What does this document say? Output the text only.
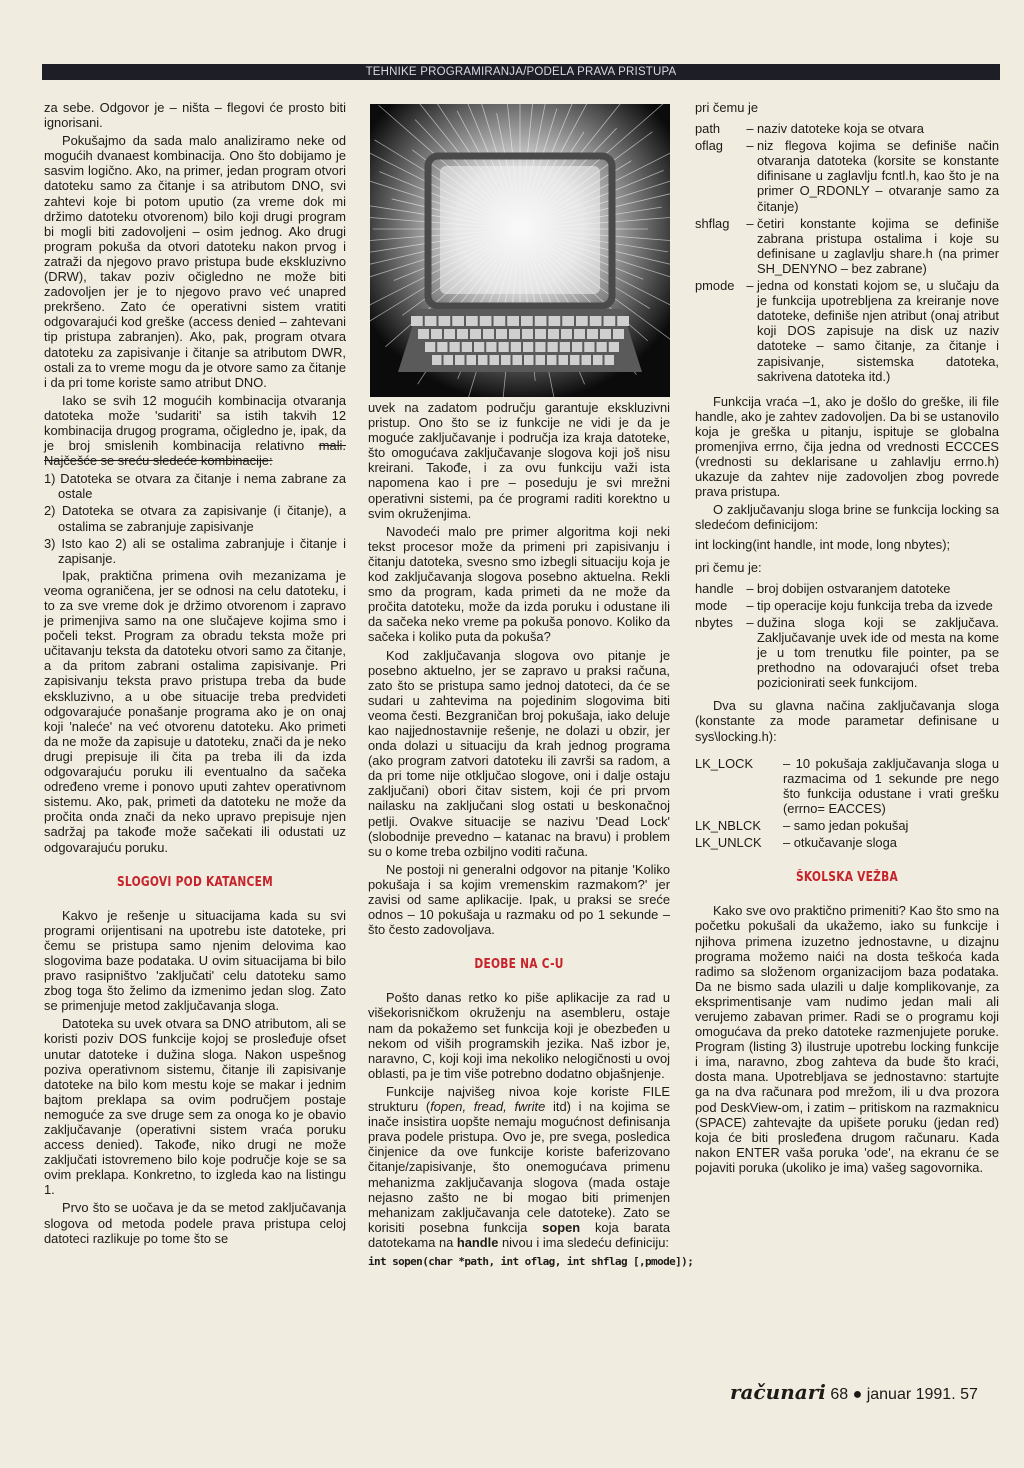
TEHNIKE PROGRAMIRANJA/PODELA PRAVA PRISTUPA

za sebe. Odgovor je – ništa – flegovi će prosto biti ignorisani.

Pokušajmo da sada malo analiziramo neke od mogućih dvanaest kombinacija. Ono što dobijamo je sasvim logično. Ako, na primer, jedan program otvori datoteku samo za čitanje i sa atributom DNO, svi zahtevi koje bi potom uputio (za vreme dok mi držimo datoteku otvorenom) bilo koji drugi program bi mogli biti zadovoljeni – osim jednog. Ako drugi program pokuša da otvori datoteku nakon prvog i zatraži da njegovo pravo pristupa bude ekskluzivno (DRW), takav poziv očigledno ne može biti zadovoljen jer je to njegovo pravo već unapred prekršeno. Zato će operativni sistem vratiti odgovarajući kod greške (access denied – zahtevani tip pristupa zabranjen). Ako, pak, program otvara datoteku za zapisivanje i čitanje sa atributom DWR, ostali za to vreme mogu da je otvore samo za čitanje i da pri tome koriste samo atribut DNO.

Iako se svih 12 mogućih kombinacija otvaranja datoteka može 'sudariti' sa istih takvih 12 kombinacija drugog programa, očigledno je, ipak, da je broj smislenih kombinacija relativno mali. Najčešće se sreću sledeće kombinacije:

1) Datoteka se otvara za čitanje i nema zabrane za ostale
2) Datoteka se otvara za zapisivanje (i čitanje), a ostalima se zabranjuje zapisivanje
3) Isto kao 2) ali se ostalima zabranjuje i čitanje i zapisanje.

Ipak, praktična primena ovih mezanizama je veoma ograničena, jer se odnosi na celu datoteku, i to za sve vreme dok je držimo otvorenom i zapravo je primenjiva samo na one slučajeve kojima smo i počeli tekst. Program za obradu teksta može pri učitavanju teksta da datoteku otvori samo za čitanje, a da pritom zabrani ostalima zapisivanje. Pri zapisivanju teksta pravo pristupa treba da bude ekskluzivno, a u obe situacije treba predvideti odgovarajuće ponašanje programa ako je on onaj koji 'naleće' na već otvorenu datoteku. Ako primeti da ne može da zapisuje u datoteku, znači da je neko drugi prepisuje ili čita pa treba ili da izda odgovarajuću poruku ili eventualno da sačeka određeno vreme i ponovo uputi zahtev operativnom sistemu. Ako, pak, primeti da datoteku ne može da pročita onda znači da neko upravo prepisuje njen sadržaj pa takođe može sačekati ili odustati uz odgovarajuću poruku.

SLOGOVI POD KATANCEM

Kakvo je rešenje u situacijama kada su svi programi orijentisani na upotrebu iste datoteke, pri čemu se pristupa samo njenim delovima kao slogovima baze podataka. U ovim situacijama bi bilo pravo rasipništvo 'zaključati' celu datoteku samo zbog toga što želimo da izmenimo jedan slog. Zato se primenjuje metod zaključavanja sloga.

Datoteka su uvek otvara sa DNO atributom, ali se koristi poziv DOS funkcije kojoj se prosleđuje ofset unutar datoteke i dužina sloga. Nakon uspešnog poziva operativnom sistemu, čitanje ili zapisivanje datoteke na bilo kom mestu koje se makar i jednim bajtom preklapa sa ovim područjem postaje nemoguće za sve druge sem za onoga ko je obavio zaključavanje (operativni sistem vraća poruku access denied). Takođe, niko drugi ne može zaključati istovremeno bilo koje područje koje se sa ovim preklapa. Konkretno, to izgleda kao na listingu 1.

Prvo što se uočava je da se metod zaključavanja slogova od metoda podele prava pristupa celoj datoteci razlikuje po tome što se

uvek na zadatom području garantuje ekskluzivni pristup. Ono što se iz funkcije ne vidi je da je moguće zaključavanje i područja iza kraja datoteke, što omogućava zaključavanje slogova koji još nisu kreirani. Takođe, i za ovu funkciju važi ista napomena kao i pre – poseduju je svi mrežni operativni sistemi, pa će programi raditi korektno u svim okruženjima.

Navodeći malo pre primer algoritma koji neki tekst procesor može da primeni pri zapisivanju i čitanju datoteka, svesno smo izbegli situaciju koja je kod zaključavanja slogova posebno aktuelna. Rekli smo da program, kada primeti da ne može da pročita datoteku, može da izda poruku i odustane ili da sačeka neko vreme pa pokuša ponovo. Koliko da sačeka i koliko puta da pokuša?

Kod zaključavanja slogova ovo pitanje je posebno aktuelno, jer se zapravo u praksi računa, zato što se pristupa samo jednoj datoteci, da će se sudari u zahtevima na pojedinim slogovima biti veoma česti. Bezgraničan broj pokušaja, iako deluje kao najjednostavnije rešenje, ne dolazi u obzir, jer onda dolazi u situaciju da krah jednog programa (ako program zatvori datoteku ili završi sa radom, a da pri tome nije otključao slogove, oni i dalje ostaju zaključani) obori čitav sistem, koji će pri prvom nailasku na zaključani slog ostati u beskonačnoj petlji. Ovakve situacije se nazivu 'Dead Lock' (slobodnije prevedno – katanac na bravu) i problem su o kome treba ozbiljno voditi računa.

Ne postoji ni generalni odgovor na pitanje 'Koliko pokušaja i sa kojim vremenskim razmakom?' jer zavisi od same aplikacije. Ipak, u praksi se sreće odnos – 10 pokušaja u razmaku od po 1 sekunde – što često zadovoljava.

DEOBE NA C-U

Pošto danas retko ko piše aplikacije za rad u višekorisničkom okruženju na asembleru, ostaje nam da pokažemo set funkcija koji je obezbeđen u nekom od viših programskih jezika. Naš izbor je, naravno, C, koji koji ima nekoliko nelogičnosti u ovoj oblasti, pa je tim više potrebno dodatno objašnjenje.

Funkcije najvišeg nivoa koje koriste FILE strukturu (fopen, fread, fwrite itd) i na kojima se inače insistira uopšte nemaju mogućnost definisanja prava podele pristupa. Ovo je, pre svega, posledica činjenice da ove funkcije koriste baferizovano čitanje/zapisivanje, što onemogućava primenu mehanizma zaključavanja slogova (mada ostaje nejasno zašto ne bi mogao biti primenjen mehanizam zaključavanja cele datoteke). Zato se korisiti posebna funkcija sopen koja barata datotekama na handle nivou i ima sledeću definiciju:

int sopen(char *path, int oflag, int shflag [,pmode]);

pri čemu je

path	– naziv datoteke koja se otvara
oflag	– niz flegova kojima se definiše način otvaranja datoteka (korsite se konstante difinisane u zaglavlju fcntl.h, kao što je na primer O_RDONLY – otvaranje samo za čitanje)
shflag	– četiri konstante kojima se definiše zabrana pristupa ostalima i koje su definisane u zaglavlju share.h (na primer SH_DENYNO – bez zabrane)
pmode – jedna od konstati kojom se, u slučaju da je funkcija upotrebljena za kreiranje nove datoteke, definiše njen atribut (onaj atribut koji DOS zapisuje na disk uz naziv datoteke – samo čitanje, za čitanje i zapisivanje, sistemska datoteka, sakrivena datoteka itd.)

Funkcija vraća –1, ako je došlo do greške, ili file handle, ako je zahtev zadovoljen. Da bi se ustanovilo koja je greška u pitanju, ispituje se globalna promenjiva errno, čija jedna od vrednosti ECCCES (vrednosti su deklarisane u zahlavlju errno.h) ukazuje da zahtev nije zadovoljen zbog povrede prava pristupa.

O zaključavanju sloga brine se funkcija locking sa sledećom definicijom:

int locking(int handle, int mode, long nbytes);

pri čemu je:

handle – broj dobijen ostvaranjem datoteke
mode	– tip operacije koju funkcija treba da izvede
nbytes	– dužina sloga koji se zaključava. Zaključavanje uvek ide od mesta na kome je u tom trenutku file pointer, pa se prethodno na odovarajući ofset treba pozicionirati seek funkcijom.

Dva su glavna načina zaključavanja sloga (konstante za mode parametar definisane u sys\locking.h):

LK_LOCK	– 10 pokušaja zaključavanja sloga u razmacima od 1 sekunde pre nego što funkcija odustane i vrati grešku (errno= EACCES)
LK_NBLCK	– samo jedan pokušaj
LK_UNLCK	– otkučavanje sloga
ŠKOLSKA VEŽBA

Kako sve ovo praktično primeniti? Kao što smo na početku pokušali da ukažemo, iako su funkcije i njihova primena izuzetno jednostavne, u dizajnu programa možemo naići na dosta teškoća kada radimo sa složenom organizacijom baza podataka. Da ne bismo sada ulazili u dalje komplikovanje, za eksprimentisanje vam nudimo jedan mali ali verujemo zabavan primer. Radi se o programu koji omogućava da preko datoteke razmenjujete poruke. Program (listing 3) ilustruje upotrebu locking funkcije i ima, naravno, zbog zahteva da bude što kraći, dosta mana. Upotrebljava se jednostavno: startujte ga na dva računara pod mrežom, ili u dva prozora pod DeskView-om, i zatim – pritiskom na razmaknicu (SPACE) zahtevajte da upišete poruku (jedan red) koja će biti prosleđena drugom računaru. Kada nakon ENTER vaša poruka 'ode', na ekranu će se pojaviti poruka (ukoliko je ima) vašeg sagovornika.

računari 68 ● januar 1991. 57
